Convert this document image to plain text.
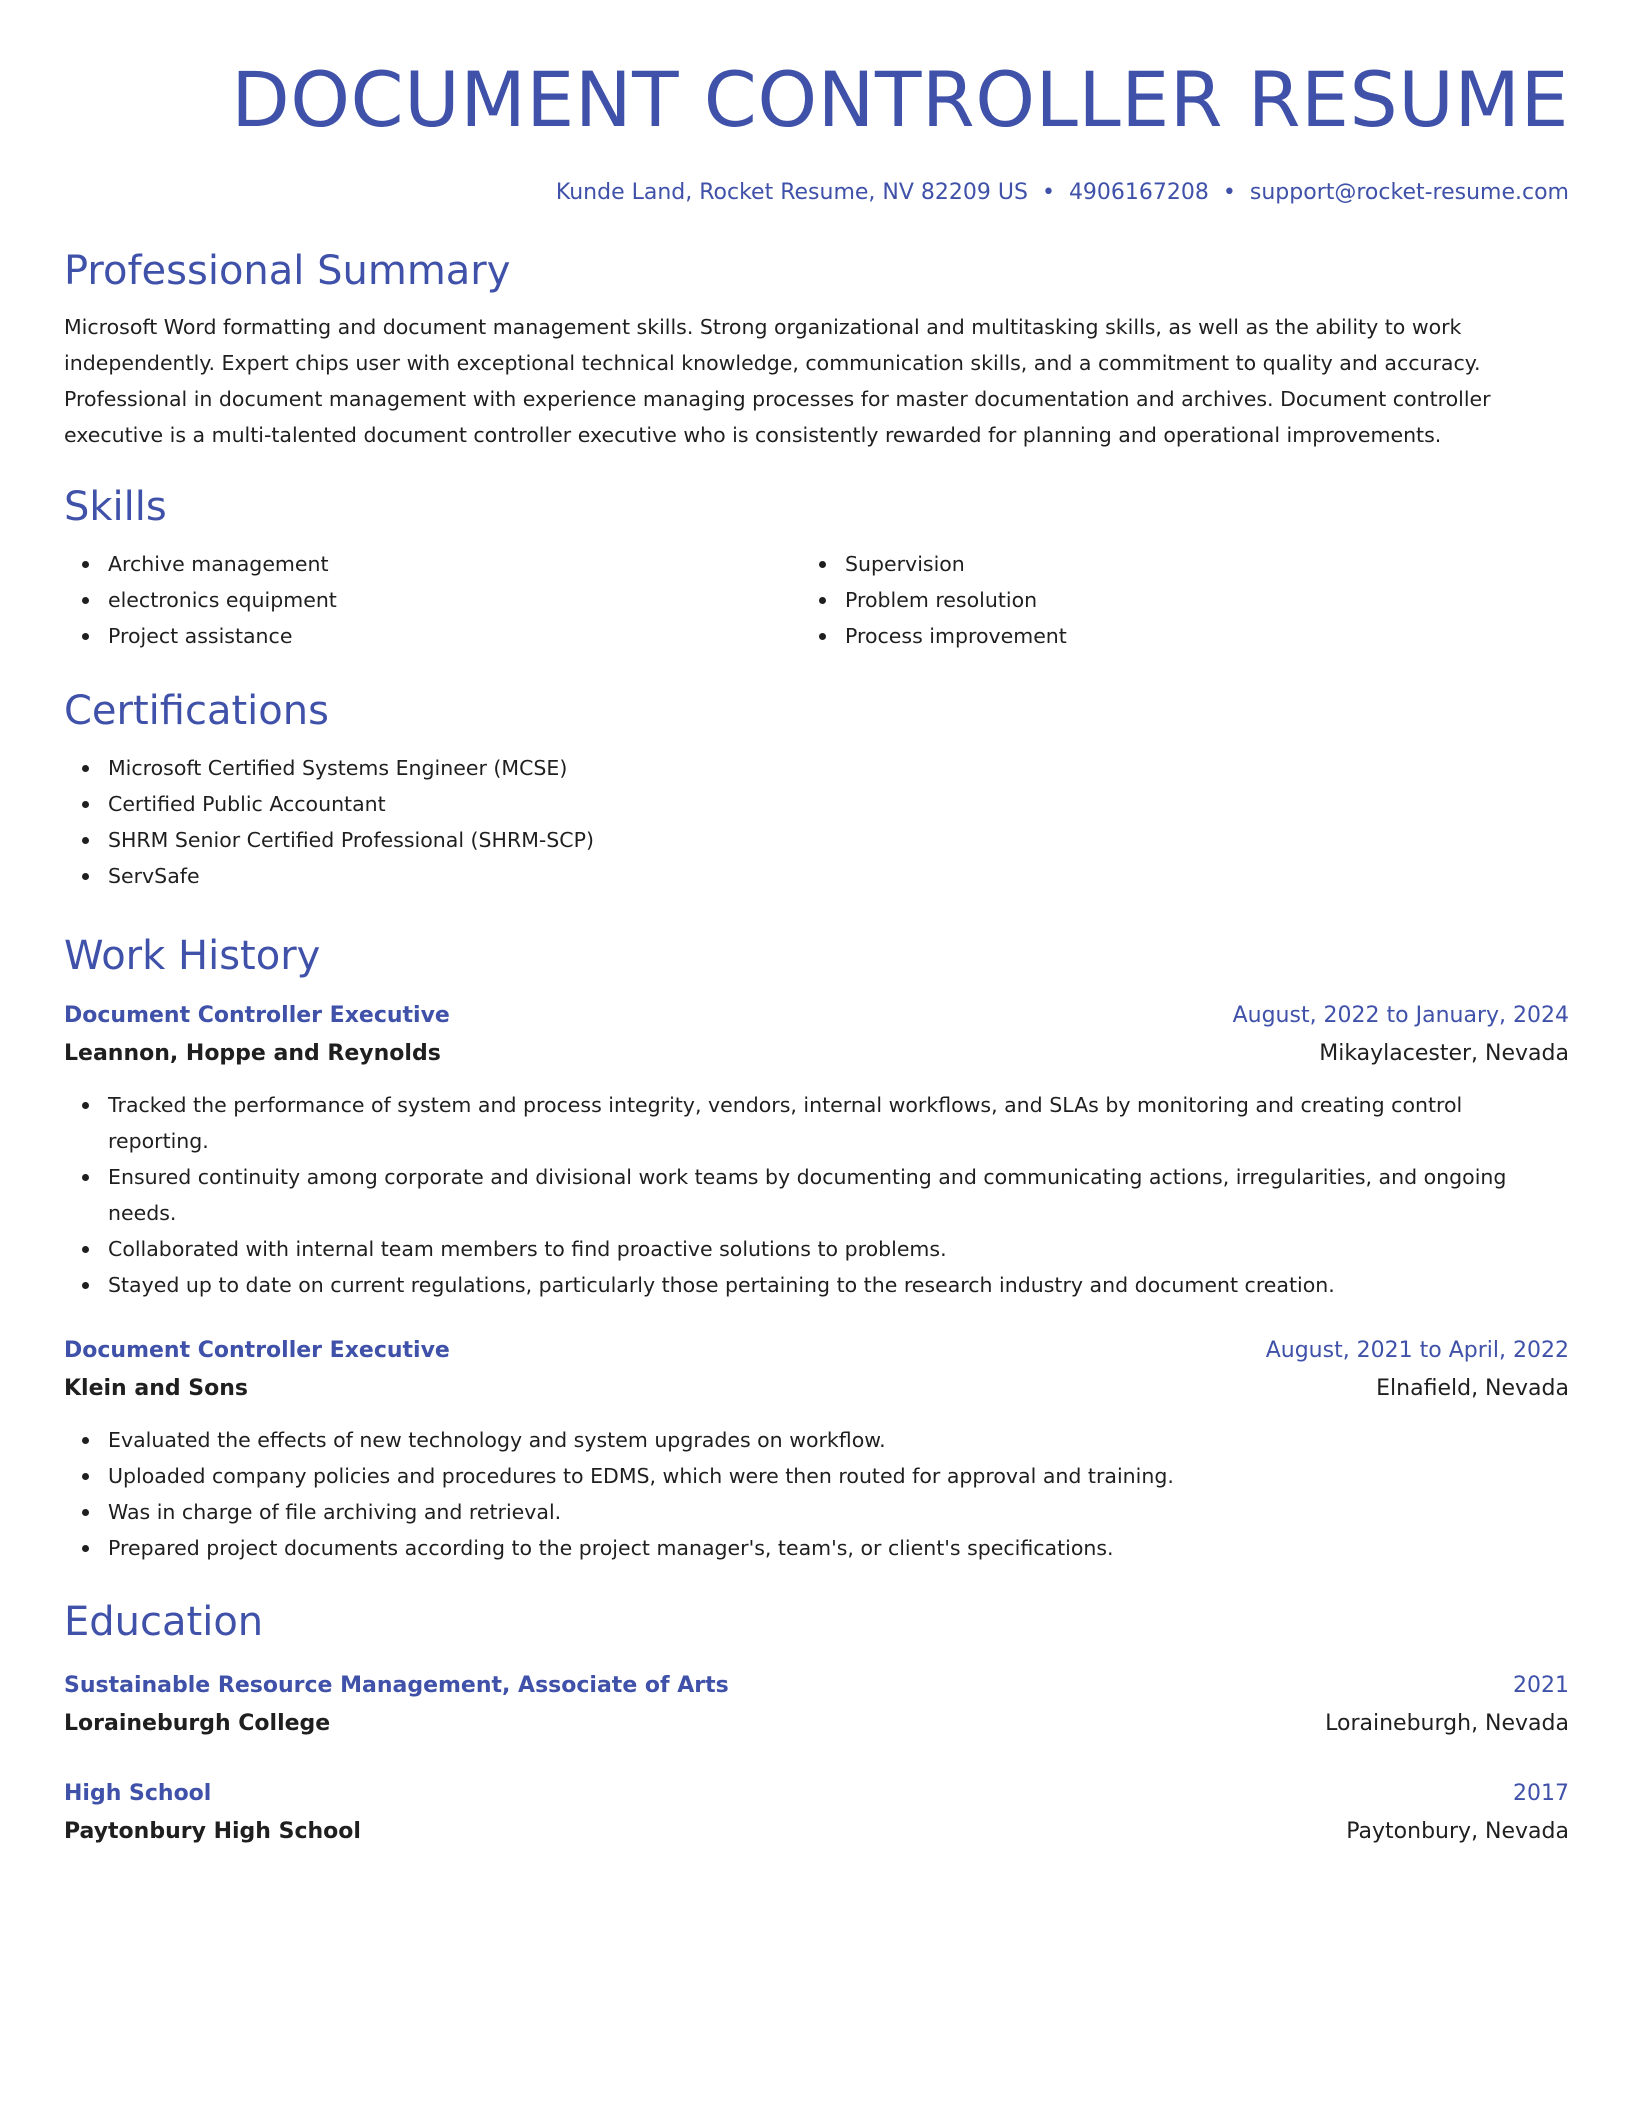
DOCUMENT CONTROLLER RESUME
Kunde Land, Rocket Resume, NV 82209 US • 4906167208 • support@rocket-resume.com
Professional Summary

Microsoft Word formatting and document management skills. Strong organizational and multitasking skills, as well as the ability to work independently. Expert chips user with exceptional technical knowledge, communication skills, and a commitment to quality and accuracy. Professional in document management with experience managing processes for master documentation and archives. Document controller executive is a multi-talented document controller executive who is consistently rewarded for planning and operational improvements.

Skills
Archive management
electronics equipment
Project assistance
Supervision
Problem resolution
Process improvement
Certifications
Microsoft Certified Systems Engineer (MCSE)
Certified Public Accountant
SHRM Senior Certified Professional (SHRM-SCP)
ServSafe
Work History
Document Controller Executive	August, 2022 to January, 2024
Leannon, Hoppe and Reynolds	Mikaylacester, Nevada
Tracked the performance of system and process integrity, vendors, internal workflows, and SLAs by monitoring and creating control reporting.
Ensured continuity among corporate and divisional work teams by documenting and communicating actions, irregularities, and ongoing needs.
Collaborated with internal team members to find proactive solutions to problems.
Stayed up to date on current regulations, particularly those pertaining to the research industry and document creation.
Document Controller Executive	August, 2021 to April, 2022
Klein and Sons	Elnafield, Nevada
Evaluated the effects of new technology and system upgrades on workflow.
Uploaded company policies and procedures to EDMS, which were then routed for approval and training.
Was in charge of file archiving and retrieval.
Prepared project documents according to the project manager's, team's, or client's specifications.
Education
Sustainable Resource Management, Associate of Arts	2021
Loraineburgh College	Loraineburgh, Nevada
High School	2017
Paytonbury High School	Paytonbury, Nevada
